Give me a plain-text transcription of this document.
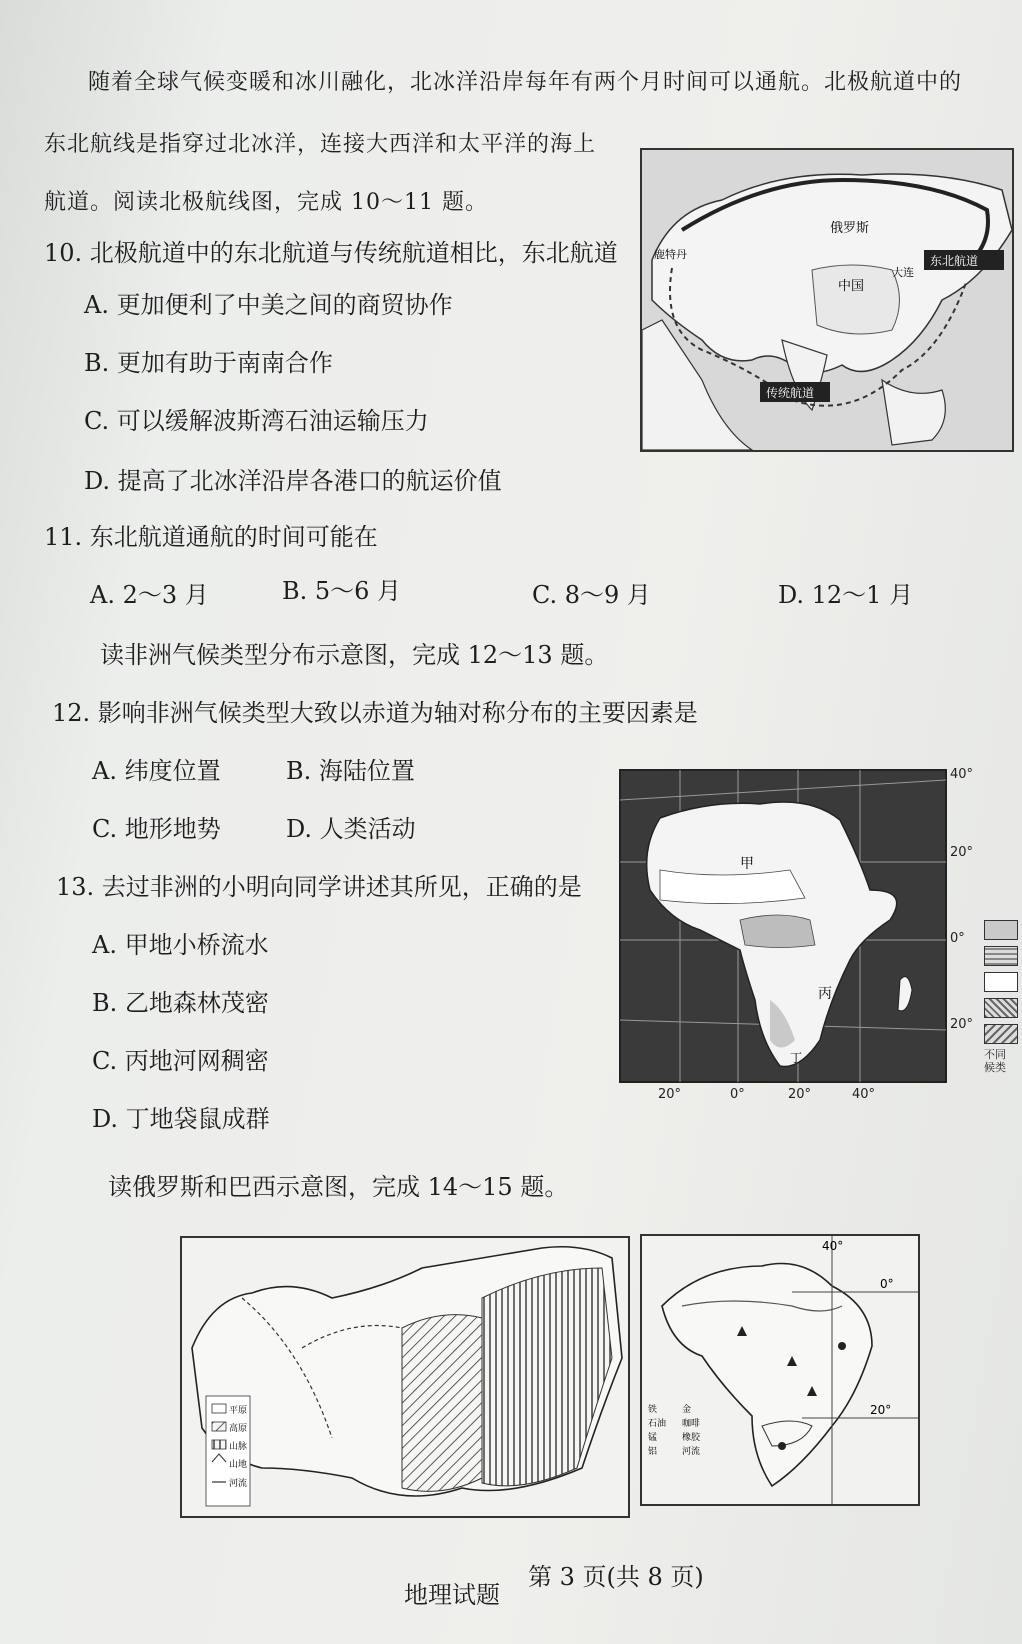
随着全球气候变暖和冰川融化，北冰洋沿岸每年有两个月时间可以通航。北极航道中的
东北航线是指穿过北冰洋，连接大西洋和太平洋的海上
航道。阅读北极航线图，完成 10～11 题。
10. 北极航道中的东北航道与传统航道相比，东北航道
A. 更加便利了中美之间的商贸协作
B. 更加有助于南南合作
C. 可以缓解波斯湾石油运输压力
D. 提高了北冰洋沿岸各港口的航运价值
俄罗斯
中国
鹿特丹
大连
东北航道
传统航道
11. 东北航道通航的时间可能在
A. 2～3 月	B. 5～6 月	C. 8～9 月	D. 12～1 月
读非洲气候类型分布示意图，完成 12～13 题。
12. 影响非洲气候类型大致以赤道为轴对称分布的主要因素是
A. 纬度位置	B. 海陆位置
C. 地形地势	D. 人类活动
甲
丙
丁
40°
20°
0°
20°
20°	0°	20°	40°
不同
候类
13. 去过非洲的小明向同学讲述其所见，正确的是
A. 甲地小桥流水
B. 乙地森林茂密
C. 丙地河网稠密
D. 丁地袋鼠成群
读俄罗斯和巴西示意图，完成 14～15 题。
平原
高原
山脉
河流
山地
40°
0°
20°
铁	金
石油 咖啡
锰	橡胶
铝	河流
地理试题
第 3 页(共 8 页)
